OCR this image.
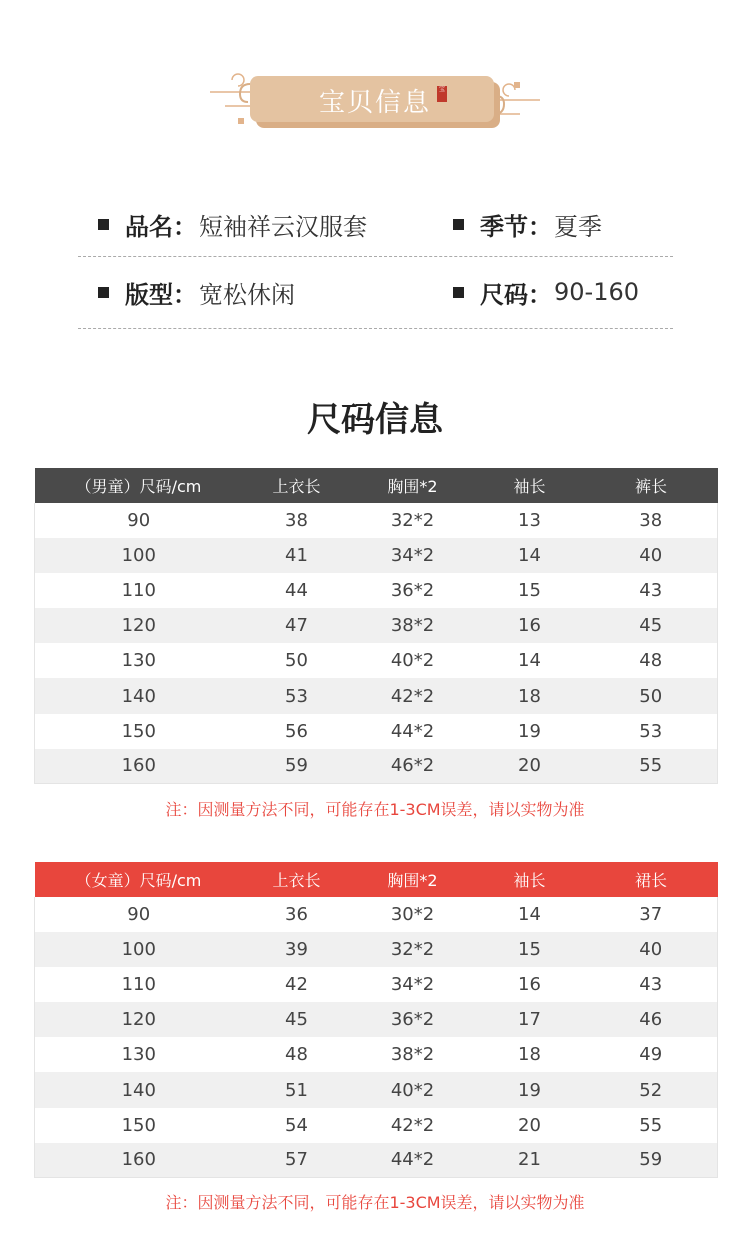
宝贝信息	宝
品名： 短袖祥云汉服套	季节： 夏季
版型： 宽松休闲	尺码： 90-160
尺码信息
（男童）尺码/cm	上衣长	胸围*2	袖长	裤长
90	38	32*2	13	38
100	41	34*2	14	40
110	44	36*2	15	43
120	47	38*2	16	45
130	50	40*2	14	48
140	53	42*2	18	50
150	56	44*2	19	53
160	59	46*2	20	55
注：因测量方法不同，可能存在1-3CM误差，请以实物为准
（女童）尺码/cm	上衣长	胸围*2	袖长	裙长
90	36	30*2	14	37
100	39	32*2	15	40
110	42	34*2	16	43
120	45	36*2	17	46
130	48	38*2	18	49
140	51	40*2	19	52
150	54	42*2	20	55
160	57	44*2	21	59
注：因测量方法不同，可能存在1-3CM误差，请以实物为准
